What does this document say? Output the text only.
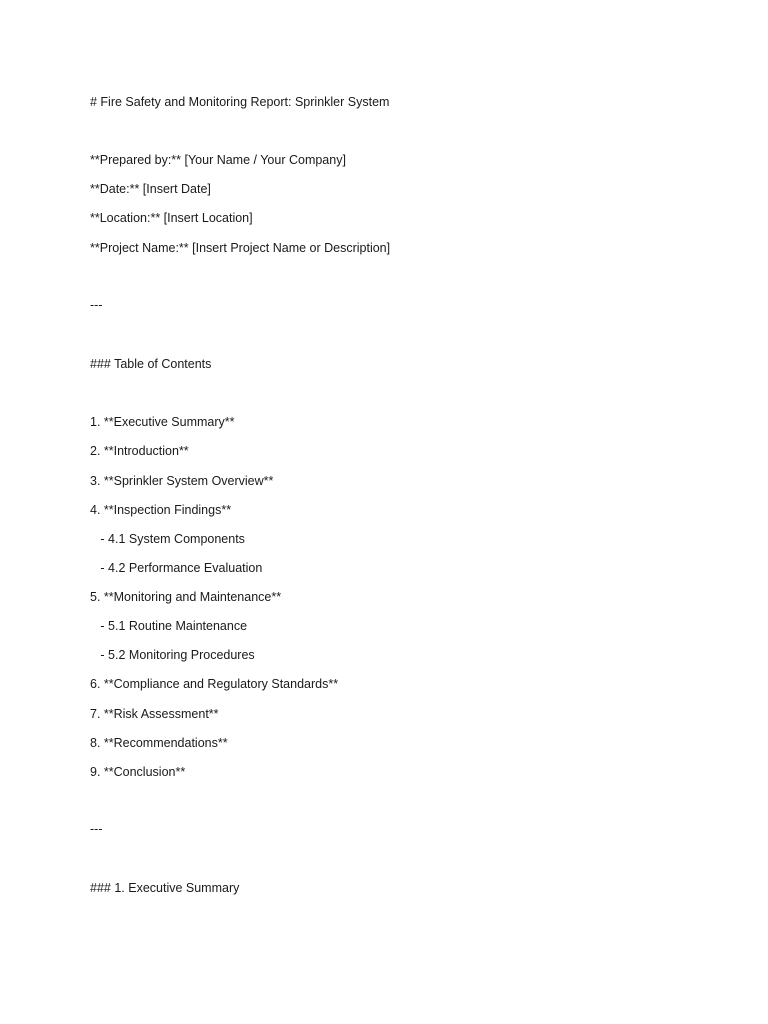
# Fire Safety and Monitoring Report: Sprinkler System
**Prepared by:** [Your Name / Your Company]
**Date:** [Insert Date]
**Location:** [Insert Location]
**Project Name:** [Insert Project Name or Description]
---
### Table of Contents
1. **Executive Summary**
2. **Introduction**
3. **Sprinkler System Overview**
4. **Inspection Findings**
- 4.1 System Components
- 4.2 Performance Evaluation
5. **Monitoring and Maintenance**
- 5.1 Routine Maintenance
- 5.2 Monitoring Procedures
6. **Compliance and Regulatory Standards**
7. **Risk Assessment**
8. **Recommendations**
9. **Conclusion**
---
### 1. Executive Summary
